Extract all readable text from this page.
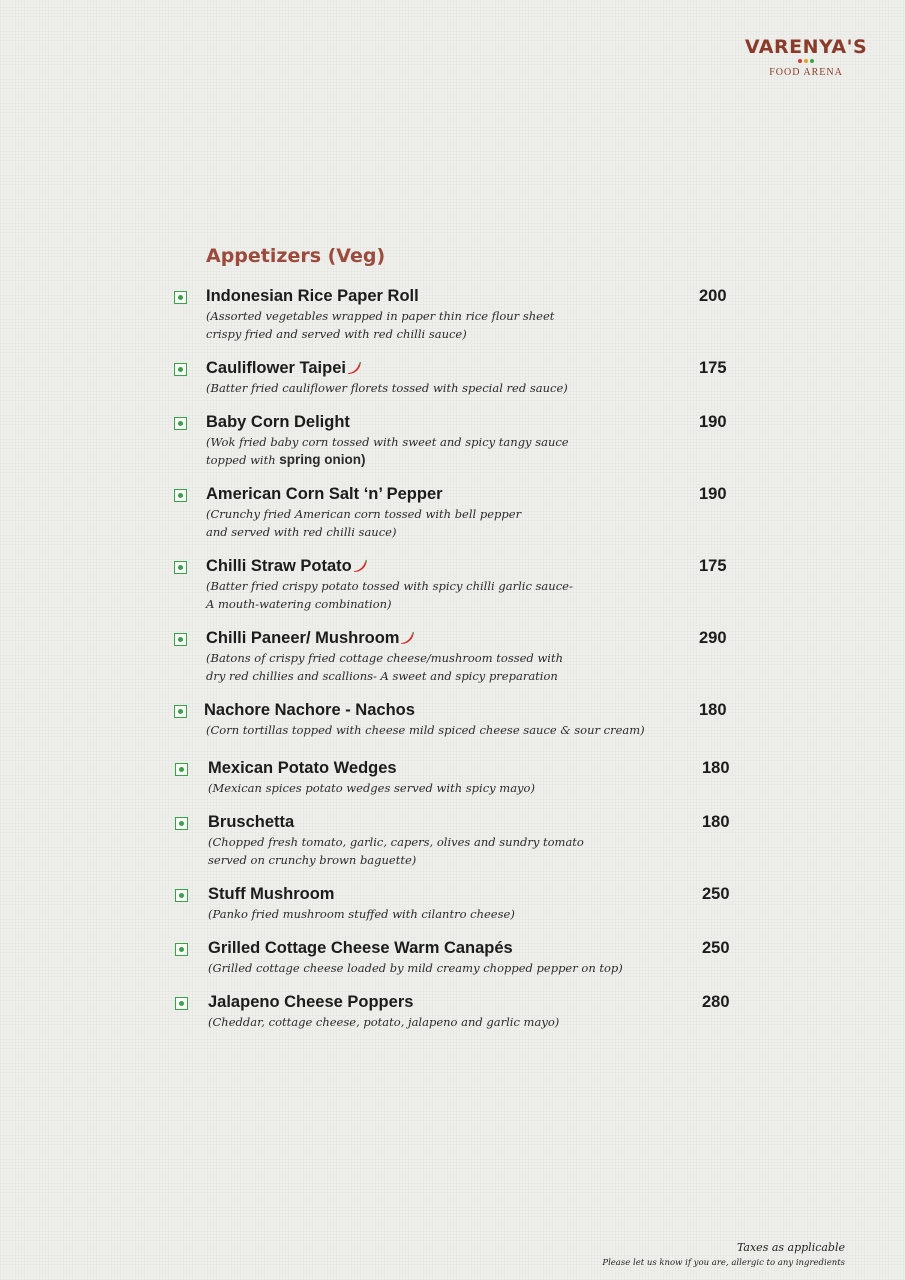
VARENYA'S
FOOD ARENA
Appetizers (Veg)
Indonesian Rice Paper Roll
(Assorted vegetables wrapped in paper thin rice flour sheet
crispy fried and served with red chilli sauce)
200
Cauliflower Taipei
(Batter fried cauliflower florets tossed with special red sauce)
175
Baby Corn Delight
(Wok fried baby corn tossed with sweet and spicy tangy sauce
topped with spring onion)
190
American Corn Salt ‘n’ Pepper
(Crunchy fried American corn tossed with bell pepper
and served with red chilli sauce)
190
Chilli Straw Potato
(Batter fried crispy potato tossed with spicy chilli garlic sauce-
A mouth-watering combination)
175
Chilli Paneer/ Mushroom
(Batons of crispy fried cottage cheese/mushroom tossed with
dry red chillies and scallions- A sweet and spicy preparation
290
Nachore Nachore - Nachos
(Corn tortillas topped with cheese mild spiced cheese sauce & sour cream)
180
Mexican Potato Wedges
(Mexican spices potato wedges served with spicy mayo)
180
Bruschetta
(Chopped fresh tomato, garlic, capers, olives and sundry tomato
served on crunchy brown baguette)
180
Stuff Mushroom
(Panko fried mushroom stuffed with cilantro cheese)
250
Grilled Cottage Cheese Warm Canapés
(Grilled cottage cheese loaded by mild creamy chopped pepper on top)
250
Jalapeno Cheese Poppers
(Cheddar, cottage cheese, potato, jalapeno and garlic mayo)
280
Taxes as applicable
Please let us know if you are, allergic to any ingredients
